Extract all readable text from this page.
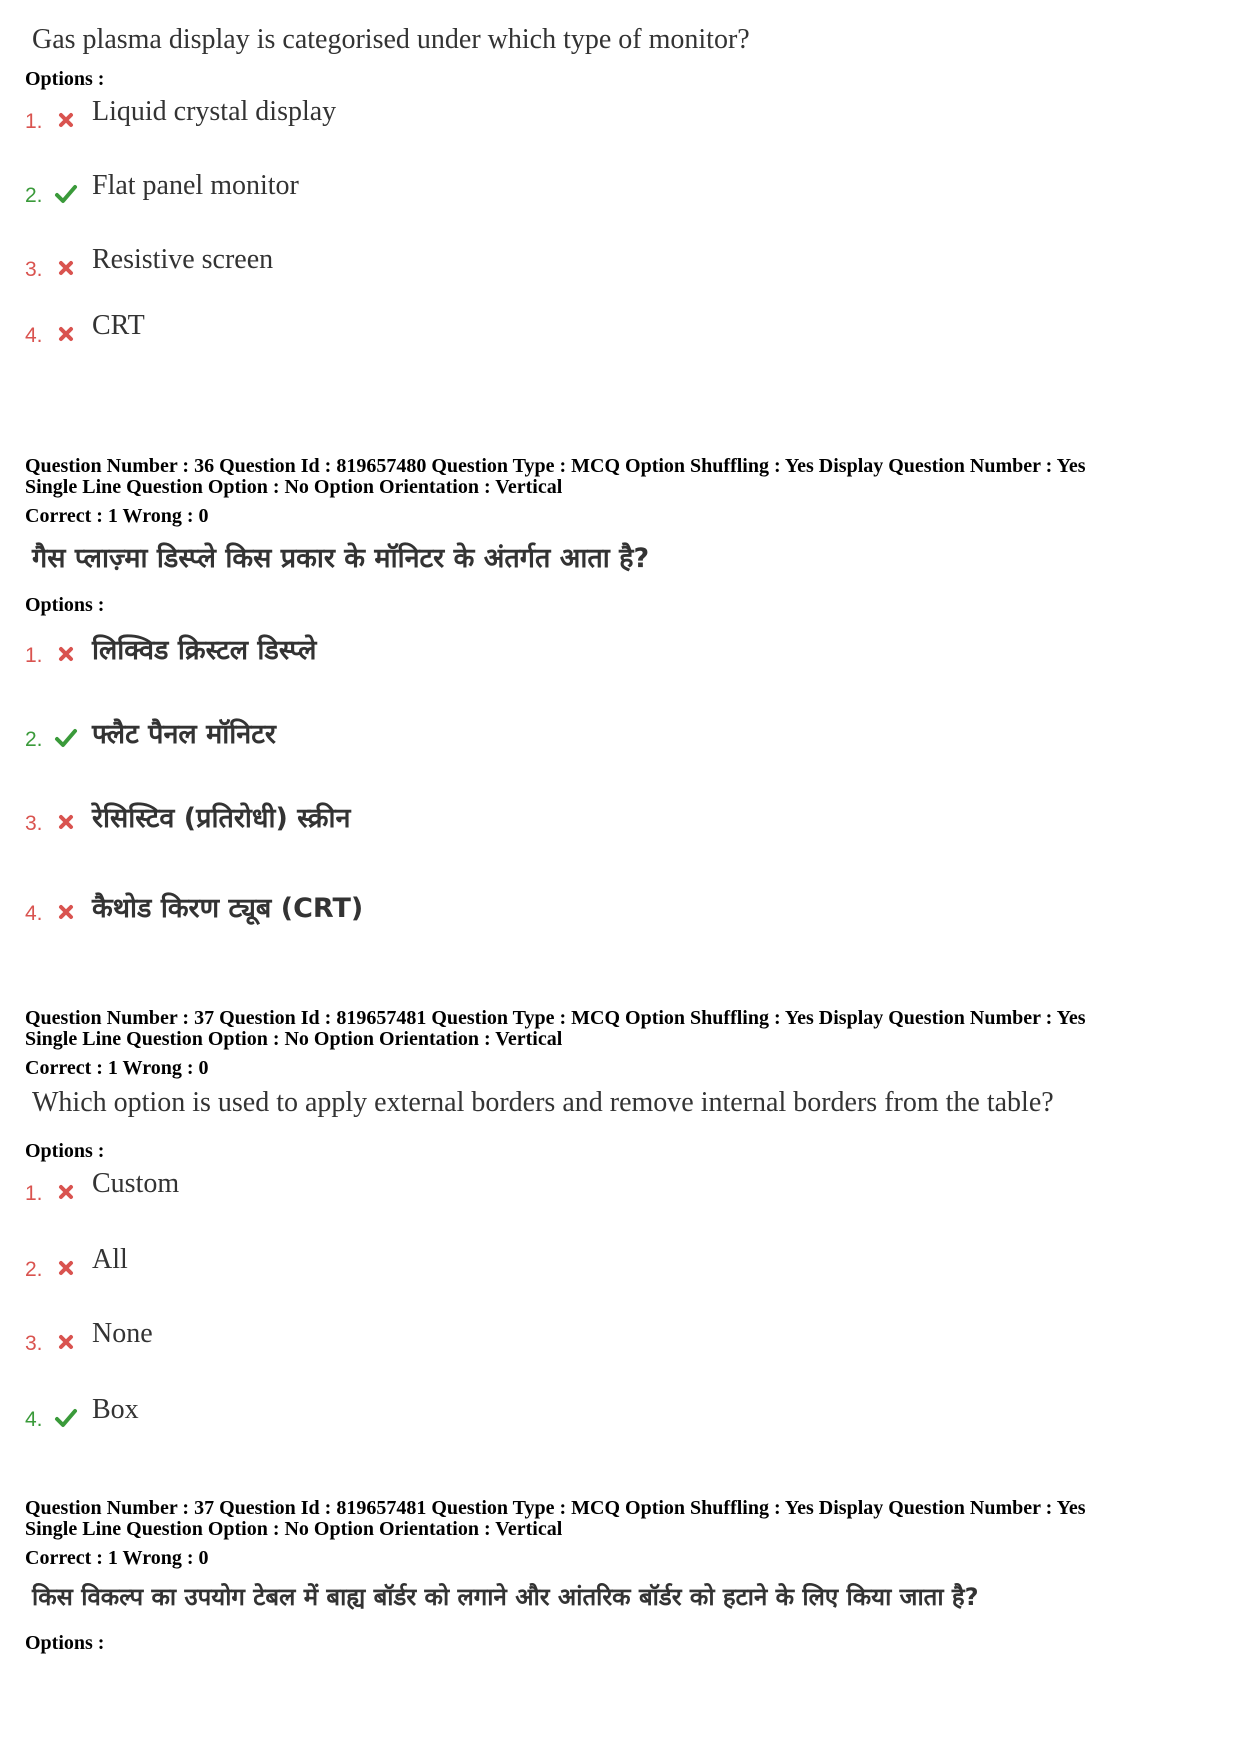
Gas plasma display is categorised under which type of monitor?
Options :
1. Liquid crystal display
2. Flat panel monitor
3. Resistive screen
4. CRT
Question Number : 36 Question Id : 819657480 Question Type : MCQ Option Shuffling : Yes Display Question Number : Yes
Single Line Question Option : No Option Orientation : Vertical
Correct : 1 Wrong : 0
गैस प्लाज़्मा डिस्प्ले किस प्रकार के मॉनिटर के अंतर्गत आता है?
Options :
1. लिक्विड क्रिस्टल डिस्प्ले
2. फ्लैट पैनल मॉनिटर
3. रेसिस्टिव (प्रतिरोधी) स्क्रीन
4. कैथोड किरण ट्यूब (CRT)
Question Number : 37 Question Id : 819657481 Question Type : MCQ Option Shuffling : Yes Display Question Number : Yes
Single Line Question Option : No Option Orientation : Vertical
Correct : 1 Wrong : 0
Which option is used to apply external borders and remove internal borders from the table?
Options :
1. Custom
2. All
3. None
4. Box
Question Number : 37 Question Id : 819657481 Question Type : MCQ Option Shuffling : Yes Display Question Number : Yes
Single Line Question Option : No Option Orientation : Vertical
Correct : 1 Wrong : 0
किस विकल्प का उपयोग टेबल में बाह्य बॉर्डर को लगाने और आंतरिक बॉर्डर को हटाने के लिए किया जाता है?
Options :
